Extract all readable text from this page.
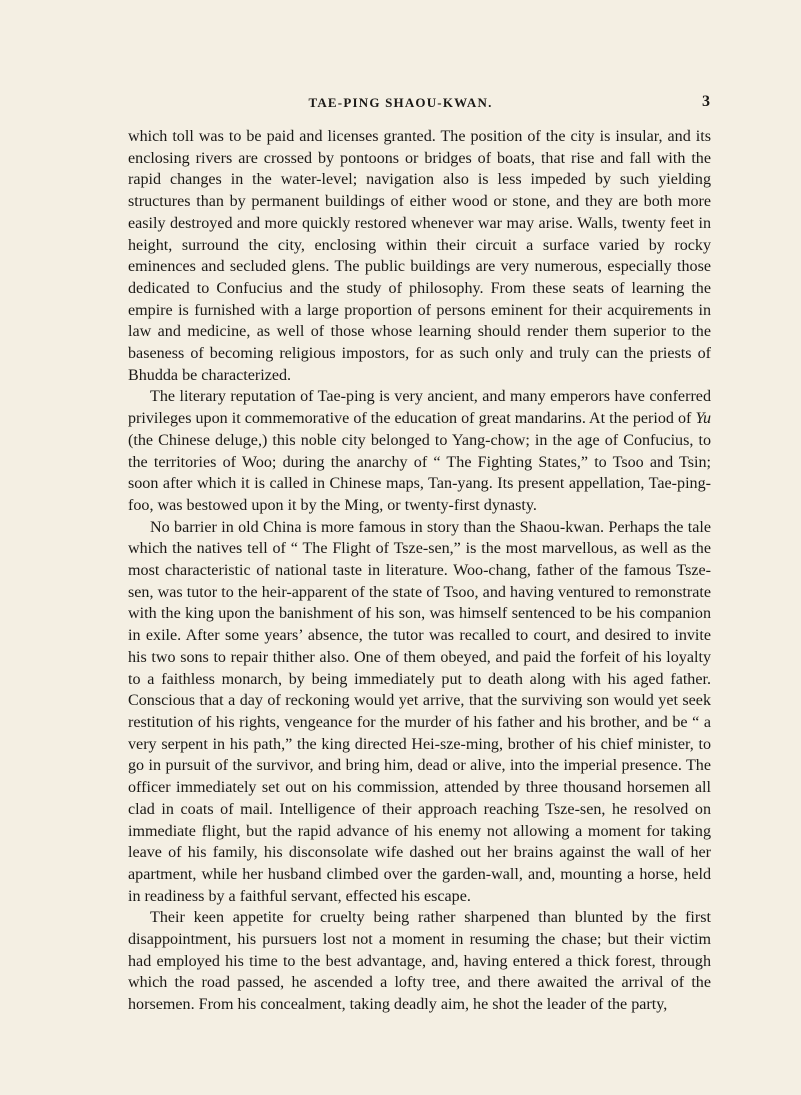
TAE-PING SHAOU-KWAN.	3

which toll was to be paid and licenses granted. The position of the city is insular, and its enclosing rivers are crossed by pontoons or bridges of boats, that rise and fall with the rapid changes in the water-level; navigation also is less impeded by such yielding structures than by permanent buildings of either wood or stone, and they are both more easily destroyed and more quickly restored whenever war may arise. Walls, twenty feet in height, surround the city, enclosing within their circuit a surface varied by rocky eminences and secluded glens. The public buildings are very numerous, especially those dedicated to Confucius and the study of philosophy. From these seats of learning the empire is furnished with a large proportion of persons eminent for their acquirements in law and medicine, as well of those whose learning should render them superior to the baseness of becoming religious impostors, for as such only and truly can the priests of Bhudda be characterized.

The literary reputation of Tae-ping is very ancient, and many emperors have conferred privileges upon it commemorative of the education of great mandarins. At the period of Yu (the Chinese deluge,) this noble city belonged to Yang-chow; in the age of Confucius, to the territories of Woo; during the anarchy of “ The Fighting States,” to Tsoo and Tsin; soon after which it is called in Chinese maps, Tan-yang. Its present appellation, Tae-ping-foo, was bestowed upon it by the Ming, or twenty-first dynasty.

No barrier in old China is more famous in story than the Shaou-kwan. Perhaps the tale which the natives tell of “ The Flight of Tsze-sen,” is the most marvellous, as well as the most characteristic of national taste in literature. Woo-chang, father of the famous Tsze-sen, was tutor to the heir-apparent of the state of Tsoo, and having ventured to remonstrate with the king upon the banishment of his son, was himself sentenced to be his companion in exile. After some years’ absence, the tutor was recalled to court, and desired to invite his two sons to repair thither also. One of them obeyed, and paid the forfeit of his loyalty to a faithless monarch, by being immediately put to death along with his aged father. Conscious that a day of reckoning would yet arrive, that the surviving son would yet seek restitution of his rights, vengeance for the murder of his father and his brother, and be “ a very serpent in his path,” the king directed Hei-sze-ming, brother of his chief minister, to go in pursuit of the survivor, and bring him, dead or alive, into the imperial presence. The officer immediately set out on his commission, attended by three thousand horsemen all clad in coats of mail. Intelligence of their approach reaching Tsze-sen, he resolved on immediate flight, but the rapid advance of his enemy not allowing a moment for taking leave of his family, his disconsolate wife dashed out her brains against the wall of her apartment, while her husband climbed over the garden-wall, and, mounting a horse, held in readiness by a faithful servant, effected his escape.

Their keen appetite for cruelty being rather sharpened than blunted by the first disappointment, his pursuers lost not a moment in resuming the chase; but their victim had employed his time to the best advantage, and, having entered a thick forest, through which the road passed, he ascended a lofty tree, and there awaited the arrival of the horsemen. From his concealment, taking deadly aim, he shot the leader of the party,
